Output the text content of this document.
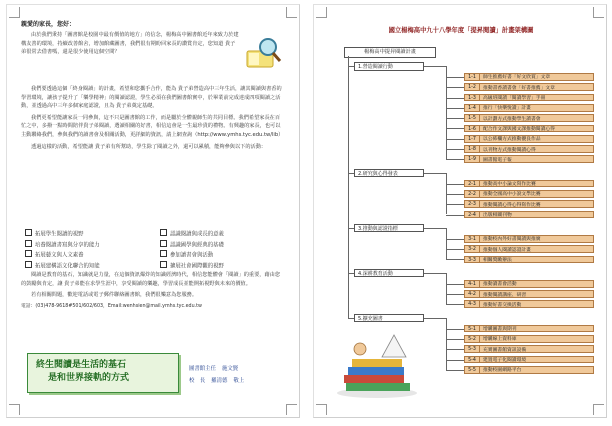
親愛的家長，您好：

由於我們秉持「圖書館是校園中最有價值的地方」的信念，楊梅高中圖書館近年來致力於建構友善的環境，持續改善館舍，增加館藏圖書，我們很有期盼回家長的讚賞肯定，您知道 貴子弟很常去借書嗎，還是很少使用這個空間？

我們要透過這個「終身閱讀」的計畫，希望和您攜手合作，能為 貴子弟營造高中三年生活，讓其閱讀與書香的學習環境，讓孩子提升了「樂學精神」的閱讀認證，學生必須在我們圖書館實中，於畢業前完成達成四項閱讀之活動，並透過高中三年多個家庭認證，且為 貴子弟奠定基礎。

我們更希望能讓家長一同參與，這不只是圖書館的工作，而是屬於全體親師生的共同目標。我們希望家長在百忙之中，多撥一點時間陪伴貴子弟閱讀，選讀相關的好書，相信這會是一生最珍貴的禮物。有興趣的家長，也可以主動聯絡我們，參與我們的讀書會及相關活動，更詳細的資訊，請上網查詢（http://www.ymhs.tyc.edu.tw/lib）

透過這樣的活動，希望能讓 貴子弟有所幫助，學生除了閱讀之外，還可以累積，能夠參與以下的活動：

拓展學生閱讀的視野
培養閱讀書寫與分享的能力
拓展藝文與人文素養
拓展建構語文化聯合的知能
認識閱讀與成長的意義
認識國學與經典的基礎
參加讀書會與活動
擴展社會國際觀的視野

閱讀是教育的基石，知識就是力量，在這個資訊爆炸的知識經濟時代，相信您能體會「閱讀」的重要，藉由您的鼓勵與肯定，讓 貴子弟能在求學生涯中，享受閱讀的樂趣，學習成長並能開拓視野與未來的價值。

若有相關問題，歡迎電話或電子郵件聯絡圖書館，我們很樂意為您服務。

電話：(03)478-9618#501/602/603，Email:wenhsien@mail.ymhs.tyc.edu.tw
終生閱讀是生活的基石
是和世界接軌的方式
圖書館主任 施文賢
校　長 羅清德 敬上
國立楊梅高中九十八學年度「提昇閱讀」計畫架構圖
楊梅高中提昇閱讀計畫
1.營造閱讀行動
1-1	師生推薦好書「好文欣賞」文章
1-2	推動書香讀書會「好書推薦」文章
1-3	高級班閱讀「閱讀學習」手冊
1-4	推行「快樂悅讀」計畫
1-5	以計劃方式推動學生讀書會
1-6	配合作文課與國文課推動閱讀心得
1-7	以公佈欄方式推動優良作品
1-8	以刊物方式推動閱讀心得
1-9	圖書館電子報
2.研究與心得發表
2-1	推動高中小論文寫作比賽
2-2	推動全國高中小說文學比賽
2-3	推動閱讀心得心得寫作比賽
2-4	出版相關刊物
3.推動與認證指標
3-1	推動校內外好書閱讀與推廣
3-2	推動個人閱讀認證計畫
3-3	相關獎勵辦法
4.深耕教育活動
4-1	推動讀書會活動
4-2	推動閱讀講座、研習
4-3	推動好書交換活動
5.擴充圖書
5-1	增購圖書與期刊
5-2	增購線上資料庫
5-3	充實圖書館資訊設備
5-4	建置電子化閱讀環境
5-5	推動校園網路平台
